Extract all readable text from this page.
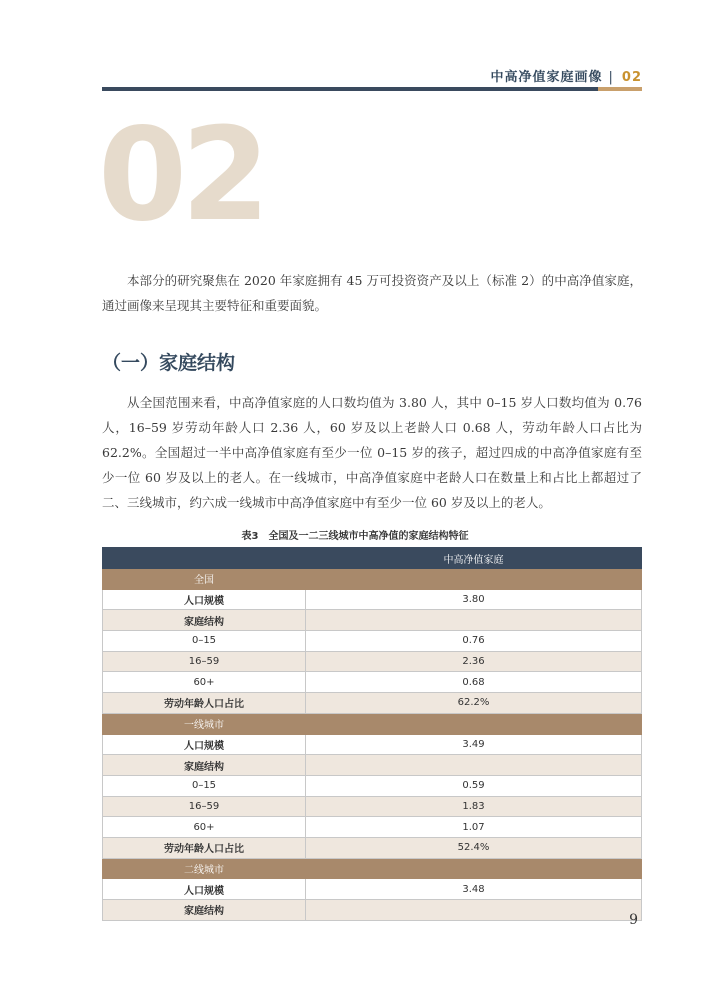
中高净值家庭画像 | 02
02

本部分的研究聚焦在 2020 年家庭拥有 45 万可投资资产及以上（标准 2）的中高净值家庭，通过画像来呈现其主要特征和重要面貌。

（一）家庭结构

从全国范围来看，中高净值家庭的人口数均值为 3.80 人，其中 0–15 岁人口数均值为 0.76 人，16–59 岁劳动年龄人口 2.36 人，60 岁及以上老龄人口 0.68 人，劳动年龄人口占比为 62.2%。全国超过一半中高净值家庭有至少一位 0–15 岁的孩子，超过四成的中高净值家庭有至少一位 60 岁及以上的老人。在一线城市，中高净值家庭中老龄人口在数量上和占比上都超过了二、三线城市，约六成一线城市中高净值家庭中有至少一位 60 岁及以上的老人。

表3　全国及一二三线城市中高净值的家庭结构特征
	中高净值家庭
全国	
人口规模	3.80
家庭结构	
0–15	0.76
16–59	2.36
60+	0.68
劳动年龄人口占比	62.2%
一线城市	
人口规模	3.49
家庭结构	
0–15	0.59
16–59	1.83
60+	1.07
劳动年龄人口占比	52.4%
二线城市	
人口规模	3.48
家庭结构	
9
